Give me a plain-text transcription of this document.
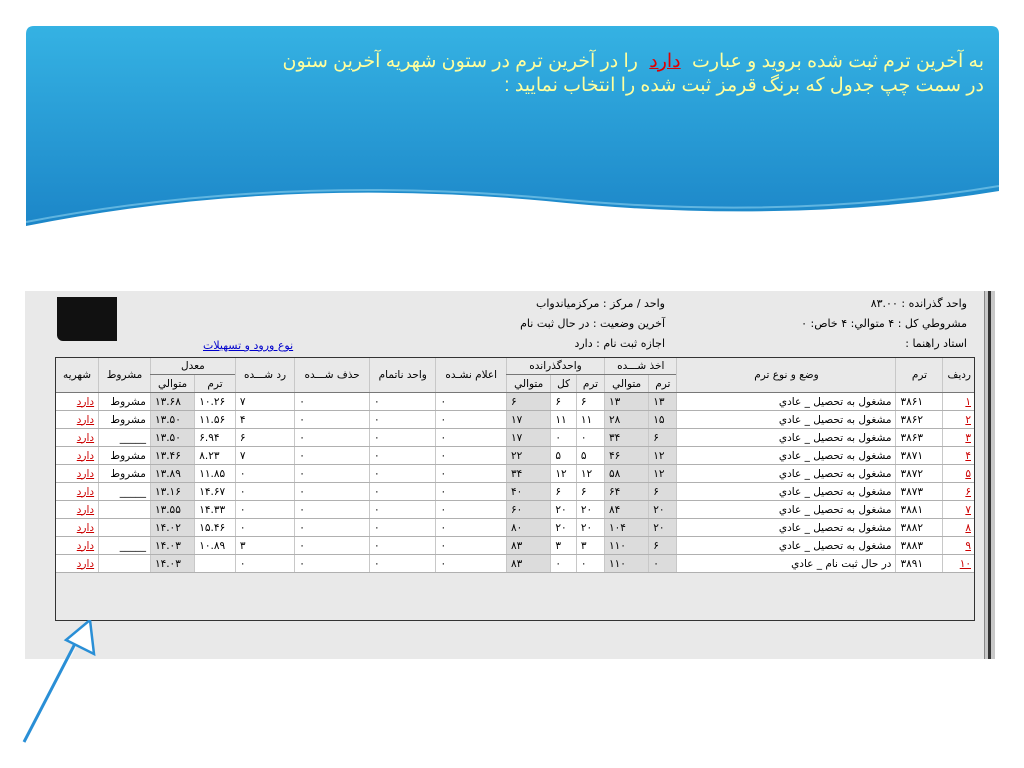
به آخرین ترم ثبت شده بروید و عبارت دارد را در آخرین ترم در ستون شهریه آخرین ستون
در سمت چپ جدول که برنگ قرمز ثبت شده را انتخاب نمایید :
واحد گذرانده : ۸۳.۰۰
مشروطي كل : ۴ متوالي: ۴ خاص: ۰
استاد راهنما :
واحد / مركز : مركزمياندواب
آخرين وضعيت : در حال ثبت نام
اجازه ثبت نام : دارد
نوع ورود و تسهيلات
رديف	ترم	وضع و نوع ترم	اخذ شـــده		واحدگذرانده			اعلام نشـده	واحد ناتمام	حذف شـــده	رد شـــده	معدل		مشروط	شهريه
			ترم	متوالي	ترم	كل	متوالي					ترم	متوالي		
۱	۳۸۶۱	مشغول به تحصيل _ عادي	۱۳	۱۳	۶	۶	۶	۰	۰	۰	۷	۱۰.۲۶	۱۳.۶۸	مشروط	دارد
۲	۳۸۶۲	مشغول به تحصيل _ عادي	۱۵	۲۸	۱۱	۱۱	۱۷	۰	۰	۰	۴	۱۱.۵۶	۱۳.۵۰	مشروط	دارد
۳	۳۸۶۳	مشغول به تحصيل _ عادي	۶	۳۴	۰	۰	۱۷	۰	۰	۰	۶	۶.۹۴	۱۳.۵۰	_____	دارد
۴	۳۸۷۱	مشغول به تحصيل _ عادي	۱۲	۴۶	۵	۵	۲۲	۰	۰	۰	۷	۸.۲۳	۱۳.۴۶	مشروط	دارد
۵	۳۸۷۲	مشغول به تحصيل _ عادي	۱۲	۵۸	۱۲	۱۲	۳۴	۰	۰	۰	۰	۱۱.۸۵	۱۳.۸۹	مشروط	دارد
۶	۳۸۷۳	مشغول به تحصيل _ عادي	۶	۶۴	۶	۶	۴۰	۰	۰	۰	۰	۱۴.۶۷	۱۳.۱۶	_____	دارد
۷	۳۸۸۱	مشغول به تحصيل _ عادي	۲۰	۸۴	۲۰	۲۰	۶۰	۰	۰	۰	۰	۱۴.۳۳	۱۳.۵۵		دارد
۸	۳۸۸۲	مشغول به تحصيل _ عادي	۲۰	۱۰۴	۲۰	۲۰	۸۰	۰	۰	۰	۰	۱۵.۴۶	۱۴.۰۲		دارد
۹	۳۸۸۳	مشغول به تحصيل _ عادي	۶	۱۱۰	۳	۳	۸۳	۰	۰	۰	۳	۱۰.۸۹	۱۴.۰۳	_____	دارد
۱۰	۳۸۹۱	در حال ثبت نام _ عادي	۰	۱۱۰	۰	۰	۸۳	۰	۰	۰	۰		۱۴.۰۳		دارد
